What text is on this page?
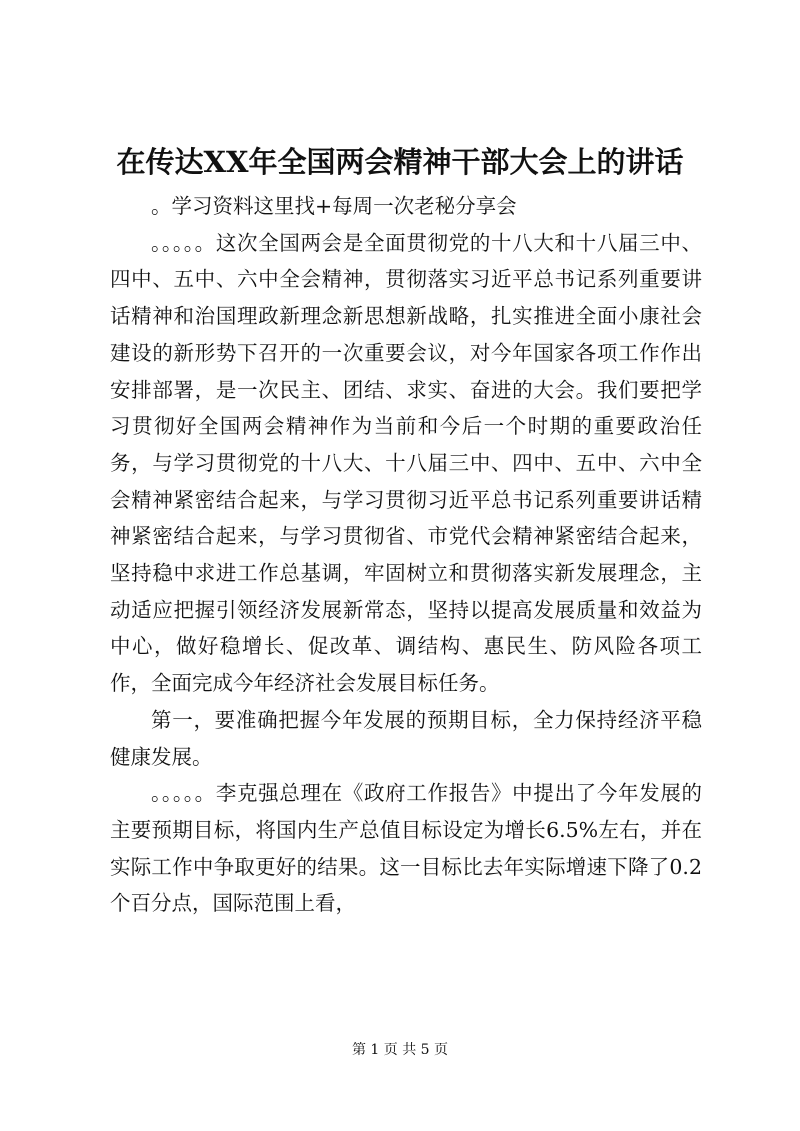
在传达XX年全国两会精神干部大会上的讲话

。学习资料这里找+每周一次老秘分享会

。。。。。这次全国两会是全面贯彻党的十八大和十八届三中、四中、五中、六中全会精神，贯彻落实习近平总书记系列重要讲话精神和治国理政新理念新思想新战略，扎实推进全面小康社会建设的新形势下召开的一次重要会议，对今年国家各项工作作出安排部署，是一次民主、团结、求实、奋进的大会。我们要把学习贯彻好全国两会精神作为当前和今后一个时期的重要政治任务，与学习贯彻党的十八大、十八届三中、四中、五中、六中全会精神紧密结合起来，与学习贯彻习近平总书记系列重要讲话精神紧密结合起来，与学习贯彻省、市党代会精神紧密结合起来，坚持稳中求进工作总基调，牢固树立和贯彻落实新发展理念，主动适应把握引领经济发展新常态，坚持以提高发展质量和效益为中心，做好稳增长、促改革、调结构、惠民生、防风险各项工作，全面完成今年经济社会发展目标任务。

第一，要准确把握今年发展的预期目标，全力保持经济平稳健康发展。

。。。。。李克强总理在《政府工作报告》中提出了今年发展的主要预期目标，将国内生产总值目标设定为增长6.5%左右，并在实际工作中争取更好的结果。这一目标比去年实际增速下降了0.2个百分点，国际范围上看，

第 1 页 共 5 页
